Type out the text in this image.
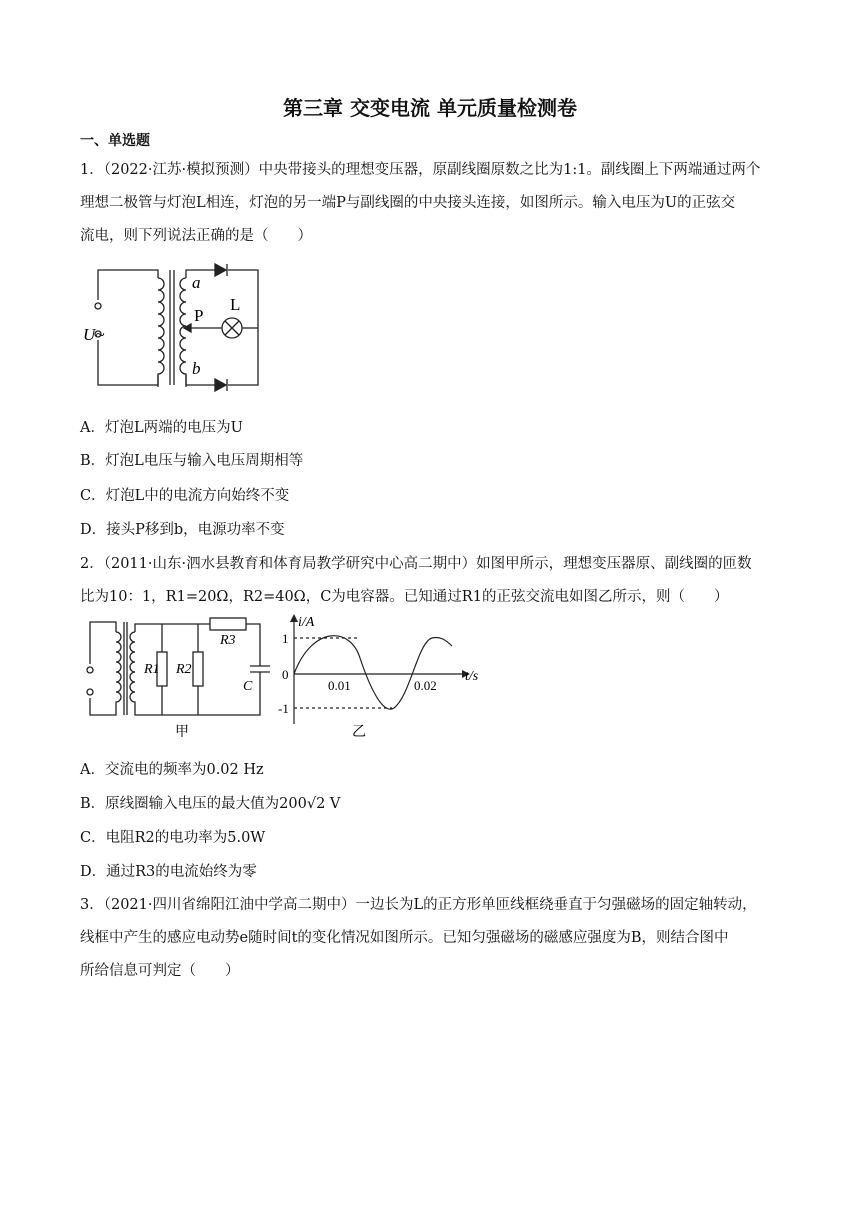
第三章 交变电流 单元质量检测卷
一、单选题
1．（2022·江苏·模拟预测）中央带接头的理想变压器，原副线圈原数之比为1:1。副线圈上下两端通过两个
理想二极管与灯泡L相连，灯泡的另一端P与副线圈的中央接头连接，如图所示。输入电压为U的正弦交
流电，则下列说法正确的是（　　）
a
b
P
L
U~
A．灯泡L两端的电压为U
B．灯泡L电压与输入电压周期相等
C．灯泡L中的电流方向始终不变
D．接头P移到b，电源功率不变
2．（2011·山东·泗水县教育和体育局教学研究中心高二期中）如图甲所示，理想变压器原、副线圈的匝数
比为10：1，R1=20Ω，R2=40Ω，C为电容器。已知通过R1的正弦交流电如图乙所示，则（　　）
R1 R2
R3
C
甲
i/A
t/s
1
0
-1
0.01	0.02
乙
A．交流电的频率为0.02 Hz
B．原线圈输入电压的最大值为200√2 V
C．电阻R2的电功率为5.0W
D．通过R3的电流始终为零
3．（2021·四川省绵阳江油中学高二期中）一边长为L的正方形单匝线框绕垂直于匀强磁场的固定轴转动，
线框中产生的感应电动势e随时间t的变化情况如图所示。已知匀强磁场的磁感应强度为B，则结合图中
所给信息可判定（　　）
